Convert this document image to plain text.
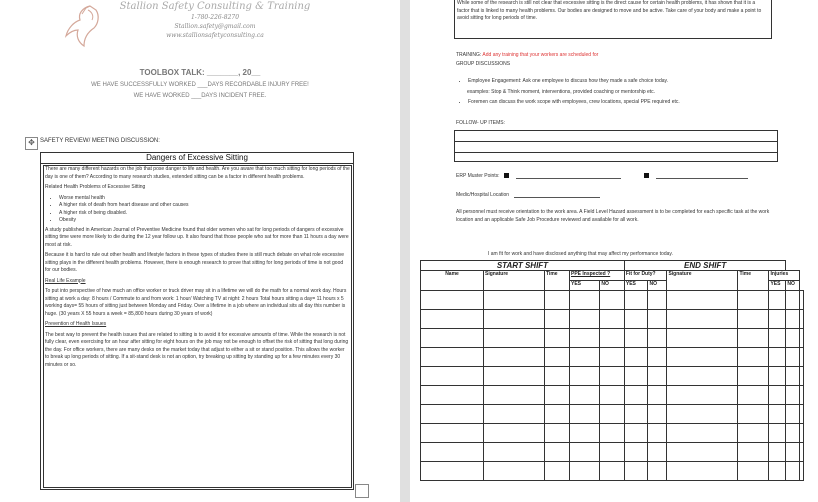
Stallion Safety Consulting & Training
1-780-226-8270
Stallion.safety@gmail.com
www.stallionsafetyconsulting.ca
TOOLBOX TALK: _______, 20__
WE HAVE SUCCESSFULLY WORKED ___DAYS RECORDABLE INJURY FREE!
WE HAVE WORKED ___DAYS INCIDENT FREE.
✥ SAFETY REVIEW/ MEETING DISCUSSION:
Dangers of Excessive Sitting

There are many different hazards on the job that pose danger to life and health. Are you aware that too much sitting for long periods of the day is one of them? According to many research studies, extended sitting can be a factor in different health problems.

Related Health Problems of Excessive Sitting

• Worse mental health
• A higher risk of death from heart disease and other causes
• A higher risk of being disabled.
• Obesity

A study published in American Journal of Preventive Medicine found that older women who sat for long periods of dangers of excessive sitting time were more likely to die during the 12 year follow up. It also found that those people who sat for more than 11 hours a day were most at risk.

Because it is hard to rule out other health and lifestyle factors in these types of studies there is still much debate on what role excessive sitting plays in the different health problems. However, there is enough research to prove that sitting for long periods of time is not good for our bodies.

Real Life Example

To put into perspective of how much an office worker or truck driver may sit in a lifetime we will do the math for a normal work day. Hours sitting at work a day: 8 hours / Commute to and from work: 1 hour/ Watching TV at night: 2 hours Total hours sitting a day= 11 hours x 5 working days= 55 hours of sitting just between Monday and Friday. Over a lifetime in a job where an individual sits all day this number is huge. (30 years X 55 hours a week = 85,800 hours during 30 years of work)

Prevention of Health Issues

The best way to prevent the health issues that are related to sitting is to avoid it for excessive amounts of time. While the research is not fully clear, even exercising for an hour after sitting for eight hours on the job may not be enough to offset the risk of sitting that long during the day. For office workers, there are many desks on the market today that adjust to either a sit or stand position. This allows the worker to break up long periods of sitting. If a sit-stand desk is not an option, try breaking up sitting by standing up for a few minutes every 30 minutes or so.

While some of the research is still not clear that excessive sitting is the direct cause for certain health problems, it has shown that it is a factor that is linked to many health problems. Our bodies are designed to move and be active. Take care of your body and make a point to avoid sitting for long periods of time.
TRAINING: Add any training that your workers are scheduled for
GROUP DISCUSSIONS
• Employee Engagement: Ask one employee to discuss how they made a safe choice today.
examples: Stop & Think moment, interventions, provided coaching or mentorship etc.
• Foremen can discuss the work scope with employees, crew locations, special PPE required etc.
FOLLOW- UP ITEMS:
ERP Muster Points:
Medic/Hospital Location
All personnel must receive orientation to the work area. A Field Level Hazard assessment is to be completed for each specific task at the work location and an applicable Safe Job Procedure reviewed and available for all work.
I am fit for work and have disclosed anything that may affect my performance today.
START SHIFT					END SHIFT						
Name	Signature	Time	PPE Inspected ?		Fit for Duty?		Signature	Time	Injuries		
			YES	NO	YES	NO			YES	NO	
